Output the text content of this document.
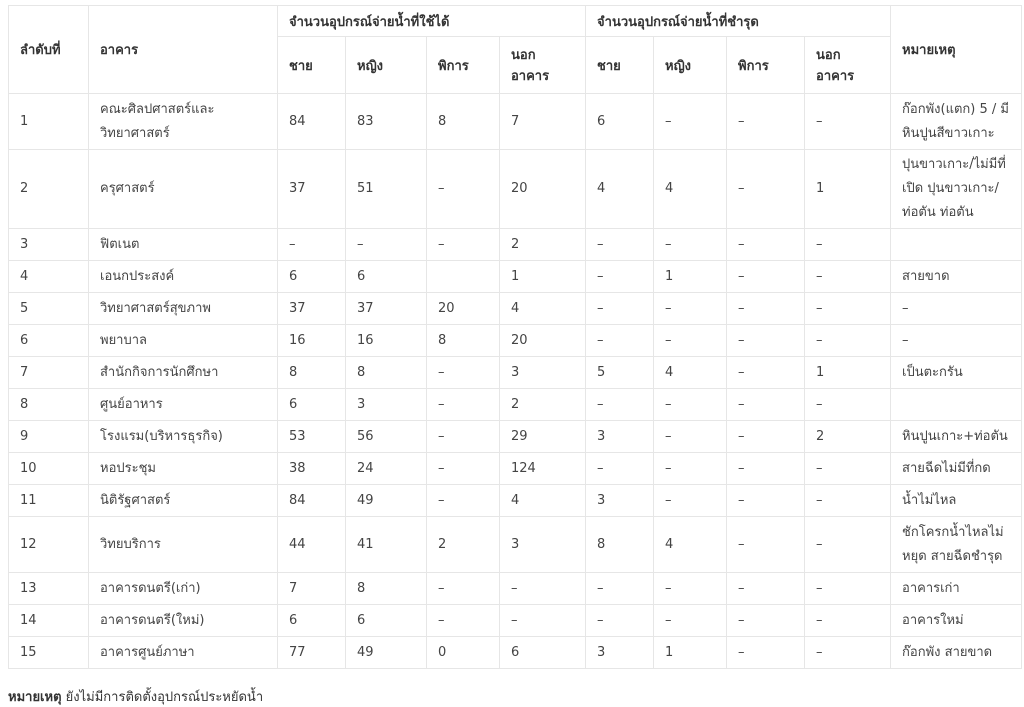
ลำดับที่	อาคาร	จำนวนอุปกรณ์จ่ายน้ำที่ใช้ได้				จำนวนอุปกรณ์จ่ายน้ำที่ชำรุด				หมายเหตุ
		ชาย	หญิง	พิการ	นอก อาคาร	ชาย	หญิง	พิการ	นอก อาคาร	
1	คณะศิลปศาสตร์และวิทยาศาสตร์	84	83	8	7	6	–	–	–	ก๊อกพัง(แตก) 5 / มีหินปูนสีขาวเกาะ
2	ครุศาสตร์	37	51	–	20	4	4	–	1	ปุนขาวเกาะ/ไม่มีที่เปิด ปุนขาวเกาะ/ท่อตัน ท่อตัน
3	ฟิตเนต	–	–	–	2	–	–	–	–	
4	เอนกประสงค์	6	6		1	–	1	–	–	สายขาด
5	วิทยาศาสตร์สุขภาพ	37	37	20	4	–	–	–	–	–
6	พยาบาล	16	16	8	20	–	–	–	–	–
7	สำนักกิจการนักศึกษา	8	8	–	3	5	4	–	1	เป็นตะกรัน
8	ศูนย์อาหาร	6	3	–	2	–	–	–	–	
9	โรงแรม(บริหารธุรกิจ)	53	56	–	29	3	–	–	2	หินปูนเกาะ+ท่อตัน
10	หอประชุม	38	24	–	124	–	–	–	–	สายฉีดไม่มีที่กด
11	นิติรัฐศาสตร์	84	49	–	4	3	–	–	–	น้ำไม่ไหล
12	วิทยบริการ	44	41	2	3	8	4	–	–	ชักโครกน้ำไหลไม่หยุด สายฉีดชำรุด
13	อาคารดนตรี(เก่า)	7	8	–	–	–	–	–	–	อาคารเก่า
14	อาคารดนตรี(ใหม่)	6	6	–	–	–	–	–	–	อาคารใหม่
15	อาคารศูนย์ภาษา	77	49	0	6	3	1	–	–	ก๊อกพัง สายขาด
หมายเหตุ ยังไม่มีการติดตั้งอุปกรณ์ประหยัดน้ำ
